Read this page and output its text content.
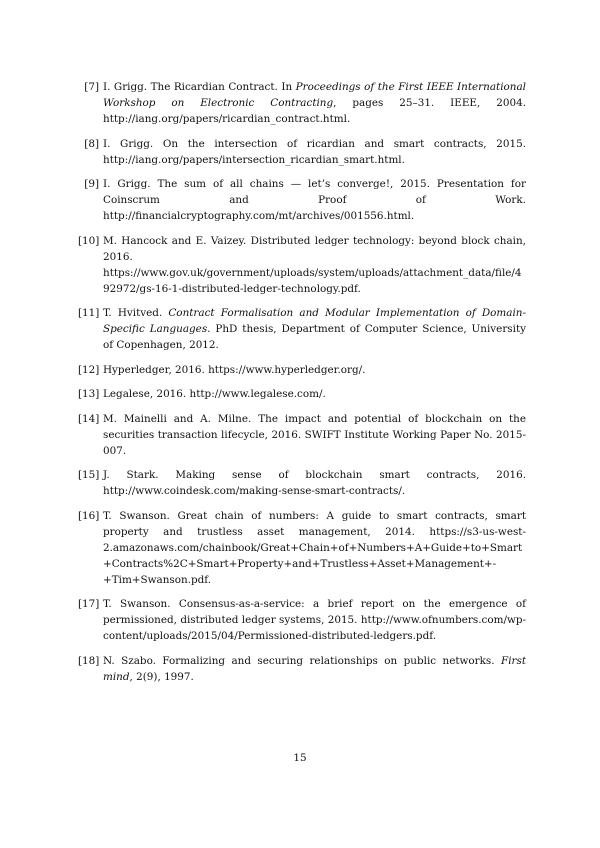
[7] I. Grigg. The Ricardian Contract. In Proceedings of the First IEEE International Workshop on Electronic Contracting, pages 25–31. IEEE, 2004. http://iang.org/papers/ricardian_contract.html.
[8] I. Grigg. On the intersection of ricardian and smart contracts, 2015. http://iang.org/papers/intersection_ricardian_smart.html.
[9] I. Grigg. The sum of all chains — let’s converge!, 2015. Presentation for Coinscrum and Proof of Work. http://financialcryptography.com/mt/archives/001556.html.
[10] M. Hancock and E. Vaizey. Distributed ledger technology: beyond block chain, 2016. https://www.gov.uk/government/uploads/system/uploads/attachment_data/file/492972/gs-16-1-distributed-ledger-technology.pdf.
[11] T. Hvitved. Contract Formalisation and Modular Implementation of Domain-Specific Languages. PhD thesis, Department of Computer Science, University of Copenhagen, 2012.
[12] Hyperledger, 2016. https://www.hyperledger.org/.
[13] Legalese, 2016. http://www.legalese.com/.
[14] M. Mainelli and A. Milne. The impact and potential of blockchain on the securities transaction lifecycle, 2016. SWIFT Institute Working Paper No. 2015-007.
[15] J. Stark. Making sense of blockchain smart contracts, 2016. http://www.coindesk.com/making-sense-smart-contracts/.
[16] T. Swanson. Great chain of numbers: A guide to smart contracts, smart property and trustless asset management, 2014. https://s3-us-west-2.amazonaws.com/chainbook/Great+Chain+of+Numbers+A+Guide+to+Smart+Contracts%2C+Smart+Property+and+Trustless+Asset+Management+-+Tim+Swanson.pdf.
[17] T. Swanson. Consensus-as-a-service: a brief report on the emergence of permissioned, distributed ledger systems, 2015. http://www.ofnumbers.com/wp-content/uploads/2015/04/Permissioned-distributed-ledgers.pdf.
[18] N. Szabo. Formalizing and securing relationships on public networks. First mind, 2(9), 1997.
15
